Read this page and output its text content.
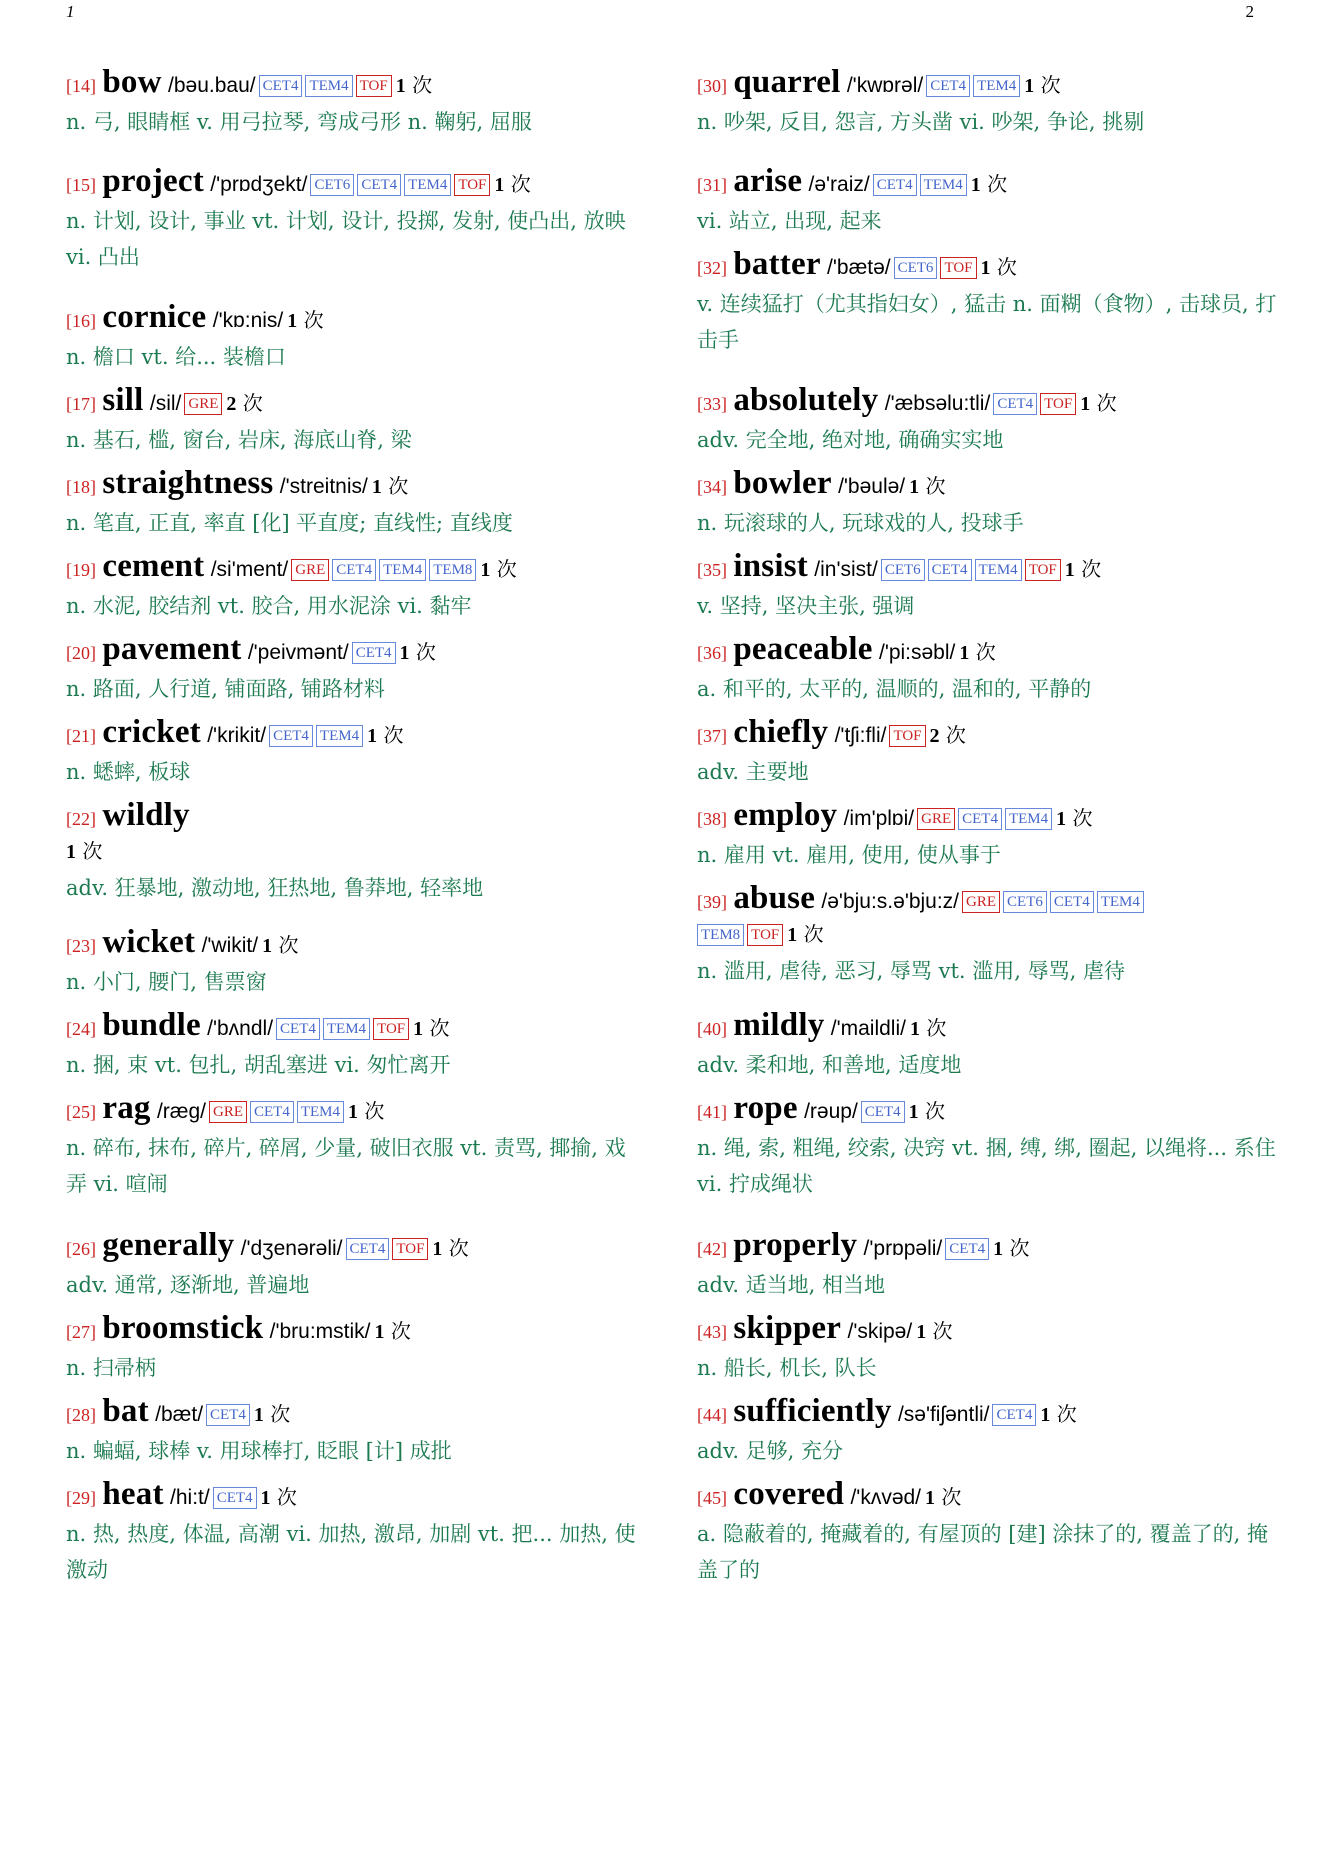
1	2
[14] bow /bəu.bau/ CET4 TEM4 TOF 1 次
n. 弓, 眼睛框 v. 用弓拉琴, 弯成弓形 n. 鞠躬, 屈服
[15] project /'prɒdʒekt/ CET6 CET4 TEM4 TOF 1 次
n. 计划, 设计, 事业 vt. 计划, 设计, 投掷, 发射, 使凸出, 放映 vi. 凸出
[16] cornice /'kɒ:nis/ 1 次
n. 檐口 vt. 给... 装檐口
[17] sill /sil/ GRE 2 次
n. 基石, 槛, 窗台, 岩床, 海底山脊, 梁
[18] straightness /'streitnis/ 1 次
n. 笔直, 正直, 率直 [化] 平直度; 直线性; 直线度
[19] cement /si'ment/ GRE CET4 TEM4 TEM8 1 次
n. 水泥, 胶结剂 vt. 胶合, 用水泥涂 vi. 黏牢
[20] pavement /'peivmənt/ CET4 1 次
n. 路面, 人行道, 铺面路, 铺路材料
[21] cricket /'krikit/ CET4 TEM4 1 次
n. 蟋蟀, 板球
[22] wildly
1 次
adv. 狂暴地, 激动地, 狂热地, 鲁莽地, 轻率地
[23] wicket /'wikit/ 1 次
n. 小门, 腰门, 售票窗
[24] bundle /'bʌndl/ CET4 TEM4 TOF 1 次
n. 捆, 束 vt. 包扎, 胡乱塞进 vi. 匆忙离开
[25] rag /ræg/ GRE CET4 TEM4 1 次
n. 碎布, 抹布, 碎片, 碎屑, 少量, 破旧衣服 vt. 责骂, 揶揄, 戏弄 vi. 喧闹
[26] generally /'dʒenərəli/ CET4 TOF 1 次
adv. 通常, 逐渐地, 普遍地
[27] broomstick /'bru:mstik/ 1 次
n. 扫帚柄
[28] bat /bæt/ CET4 1 次
n. 蝙蝠, 球棒 v. 用球棒打, 眨眼 [计] 成批
[29] heat /hi:t/ CET4 1 次
n. 热, 热度, 体温, 高潮 vi. 加热, 激昂, 加剧 vt. 把... 加热, 使激动
[30] quarrel /'kwɒrəl/ CET4 TEM4 1 次
n. 吵架, 反目, 怨言, 方头凿 vi. 吵架, 争论, 挑剔
[31] arise /ə'raiz/ CET4 TEM4 1 次
vi. 站立, 出现, 起来
[32] batter /'bætə/ CET6 TOF 1 次
v. 连续猛打（尤其指妇女）, 猛击 n. 面糊（食物）, 击球员, 打击手
[33] absolutely /'æbsəlu:tli/ CET4 TOF 1 次
adv. 完全地, 绝对地, 确确实实地
[34] bowler /'bəulə/ 1 次
n. 玩滚球的人, 玩球戏的人, 投球手
[35] insist /in'sist/ CET6 CET4 TEM4 TOF 1 次
v. 坚持, 坚决主张, 强调
[36] peaceable /'pi:səbl/ 1 次
a. 和平的, 太平的, 温顺的, 温和的, 平静的
[37] chiefly /'tʃi:fli/ TOF 2 次
adv. 主要地
[38] employ /im'plɒi/ GRE CET4 TEM4 1 次
n. 雇用 vt. 雇用, 使用, 使从事于
[39] abuse /ə'bju:s.ə'bju:z/ GRE CET6 CET4 TEM4
TEM8 TOF 1 次
n. 滥用, 虐待, 恶习, 辱骂 vt. 滥用, 辱骂, 虐待
[40] mildly /'maildli/ 1 次
adv. 柔和地, 和善地, 适度地
[41] rope /rəup/ CET4 1 次
n. 绳, 索, 粗绳, 绞索, 决窍 vt. 捆, 缚, 绑, 圈起, 以绳将... 系住 vi. 拧成绳状
[42] properly /'prɒpəli/ CET4 1 次
adv. 适当地, 相当地
[43] skipper /'skipə/ 1 次
n. 船长, 机长, 队长
[44] sufficiently /sə'fiʃəntli/ CET4 1 次
adv. 足够, 充分
[45] covered /'kʌvəd/ 1 次
a. 隐蔽着的, 掩藏着的, 有屋顶的 [建] 涂抹了的, 覆盖了的, 掩盖了的
